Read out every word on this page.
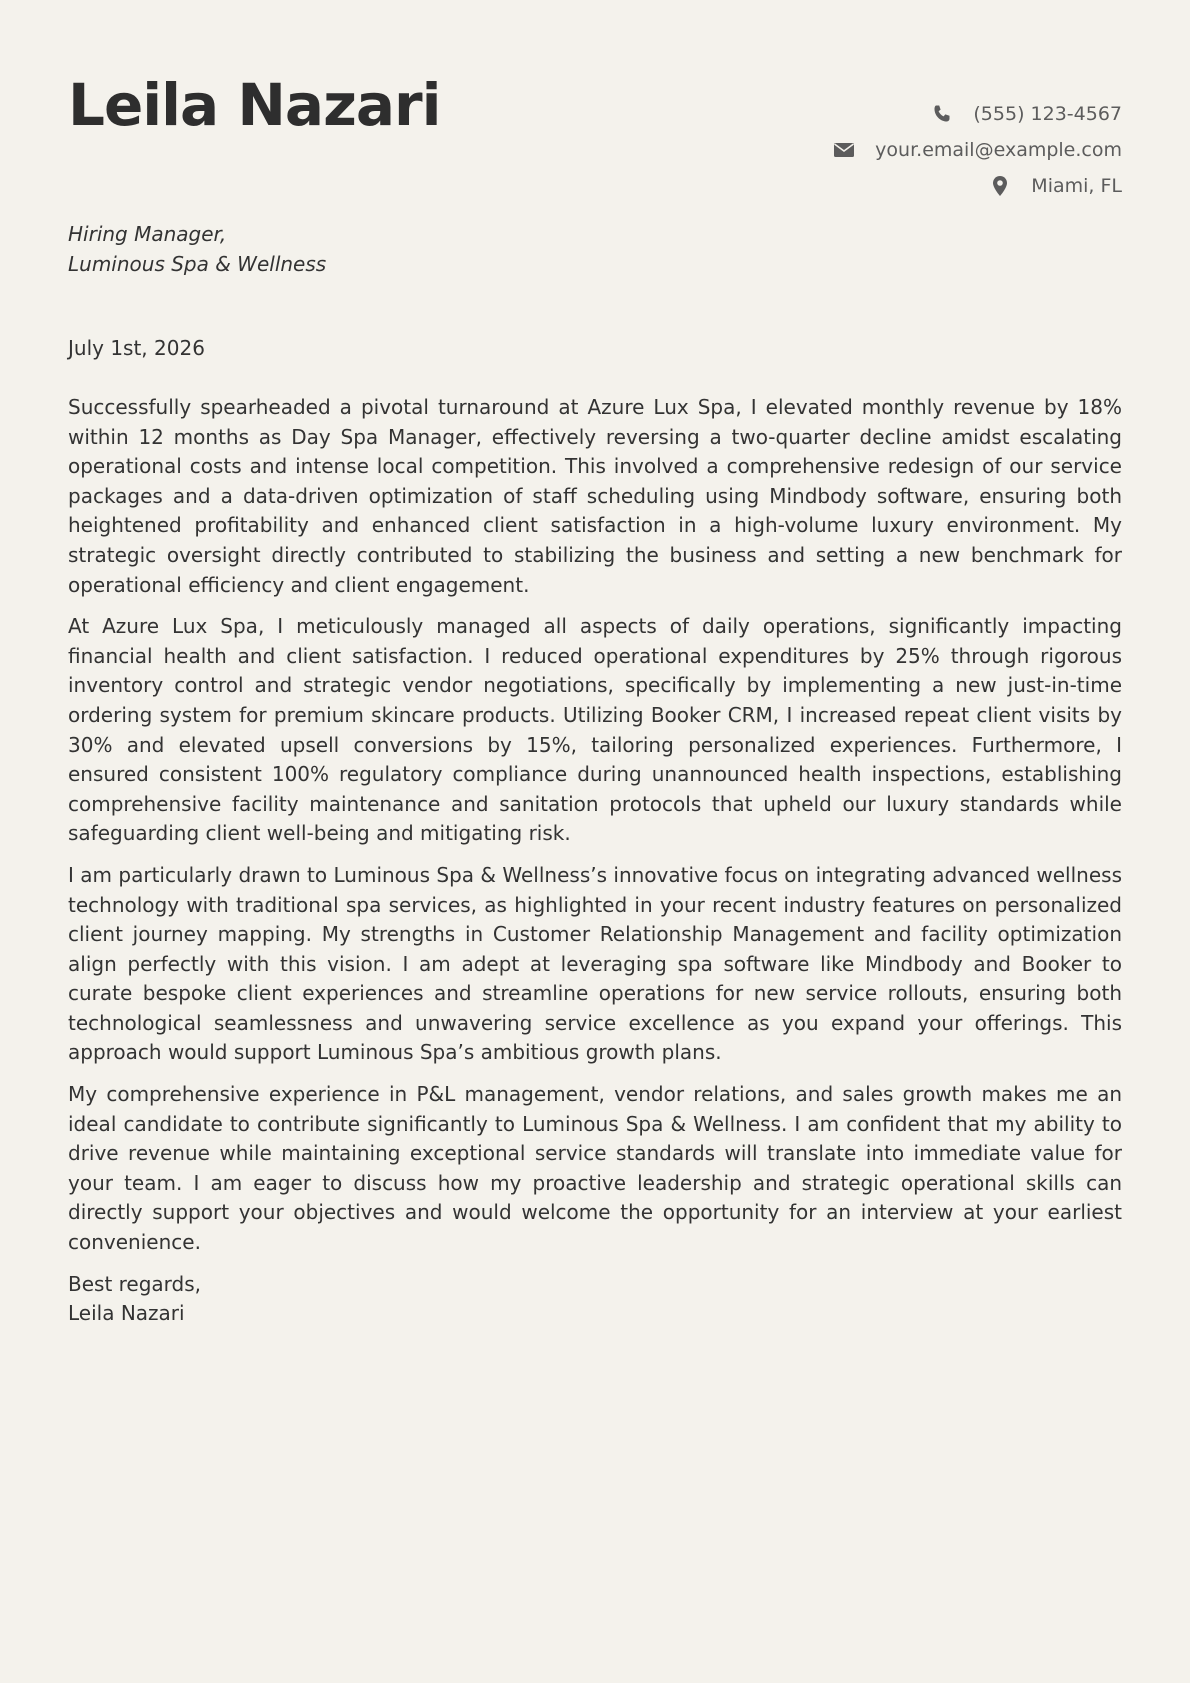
Leila Nazari	(555) 123-4567
your.email@example.com
Miami, FL
Hiring Manager,
Luminous Spa & Wellness
July 1st, 2026

Successfully spearheaded a pivotal turnaround at Azure Lux Spa, I elevated monthly revenue by 18% within 12 months as Day Spa Manager, effectively reversing a two-quarter decline amidst escalating operational costs and intense local competition. This involved a comprehensive redesign of our service packages and a data-driven optimization of staff scheduling using Mindbody software, ensuring both heightened profitability and enhanced client satisfaction in a high-volume luxury environment. My strategic oversight directly contributed to stabilizing the business and setting a new benchmark for operational efficiency and client engagement.

At Azure Lux Spa, I meticulously managed all aspects of daily operations, significantly impacting financial health and client satisfaction. I reduced operational expenditures by 25% through rigorous inventory control and strategic vendor negotiations, specifically by implementing a new just-in-time ordering system for premium skincare products. Utilizing Booker CRM, I increased repeat client visits by 30% and elevated upsell conversions by 15%, tailoring personalized experiences. Furthermore, I ensured consistent 100% regulatory compliance during unannounced health inspections, establishing comprehensive facility maintenance and sanitation protocols that upheld our luxury standards while safeguarding client well-being and mitigating risk.

I am particularly drawn to Luminous Spa & Wellness’s innovative focus on integrating advanced wellness technology with traditional spa services, as highlighted in your recent industry features on personalized client journey mapping. My strengths in Customer Relationship Management and facility optimization align perfectly with this vision. I am adept at leveraging spa software like Mindbody and Booker to curate bespoke client experiences and streamline operations for new service rollouts, ensuring both technological seamlessness and unwavering service excellence as you expand your offerings. This approach would support Luminous Spa’s ambitious growth plans.

My comprehensive experience in P&L management, vendor relations, and sales growth makes me an ideal candidate to contribute significantly to Luminous Spa & Wellness. I am confident that my ability to drive revenue while maintaining exceptional service standards will translate into immediate value for your team. I am eager to discuss how my proactive leadership and strategic operational skills can directly support your objectives and would welcome the opportunity for an interview at your earliest convenience.

Best regards,
Leila Nazari
